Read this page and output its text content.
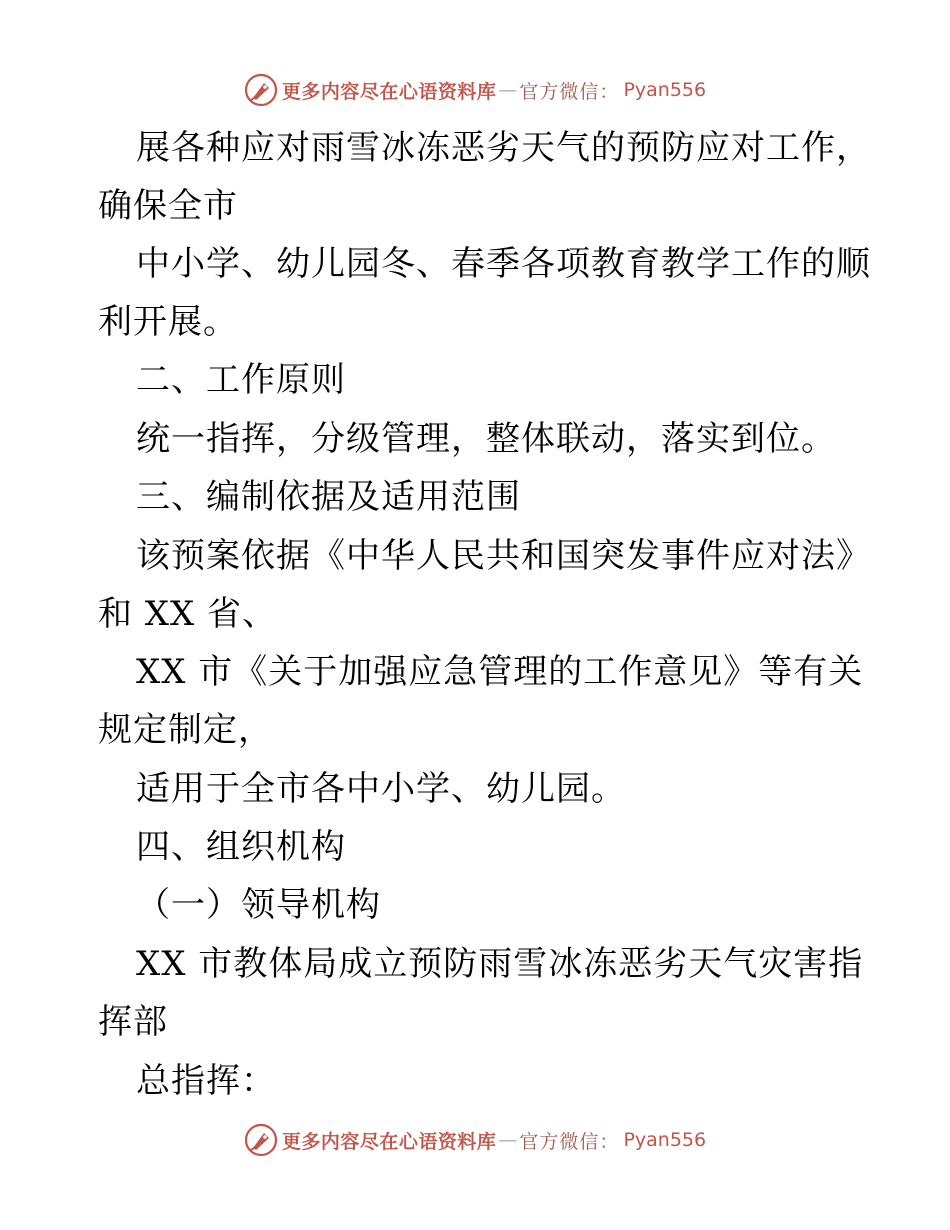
更多内容尽在心语资料库 — 官方微信： Pyan556
展各种应对雨雪冰冻恶劣天气的预防应对工作，
确保全市
中小学、幼儿园冬、春季各项教育教学工作的顺
利开展。
二、工作原则
统一指挥，分级管理，整体联动，落实到位。
三、编制依据及适用范围
该预案依据《中华人民共和国突发事件应对法》
和 XX 省、
XX 市《关于加强应急管理的工作意见》等有关
规定制定，
适用于全市各中小学、幼儿园。
四、组织机构
（一）领导机构
XX 市教体局成立预防雨雪冰冻恶劣天气灾害指
挥部
总指挥：
更多内容尽在心语资料库 — 官方微信： Pyan556
